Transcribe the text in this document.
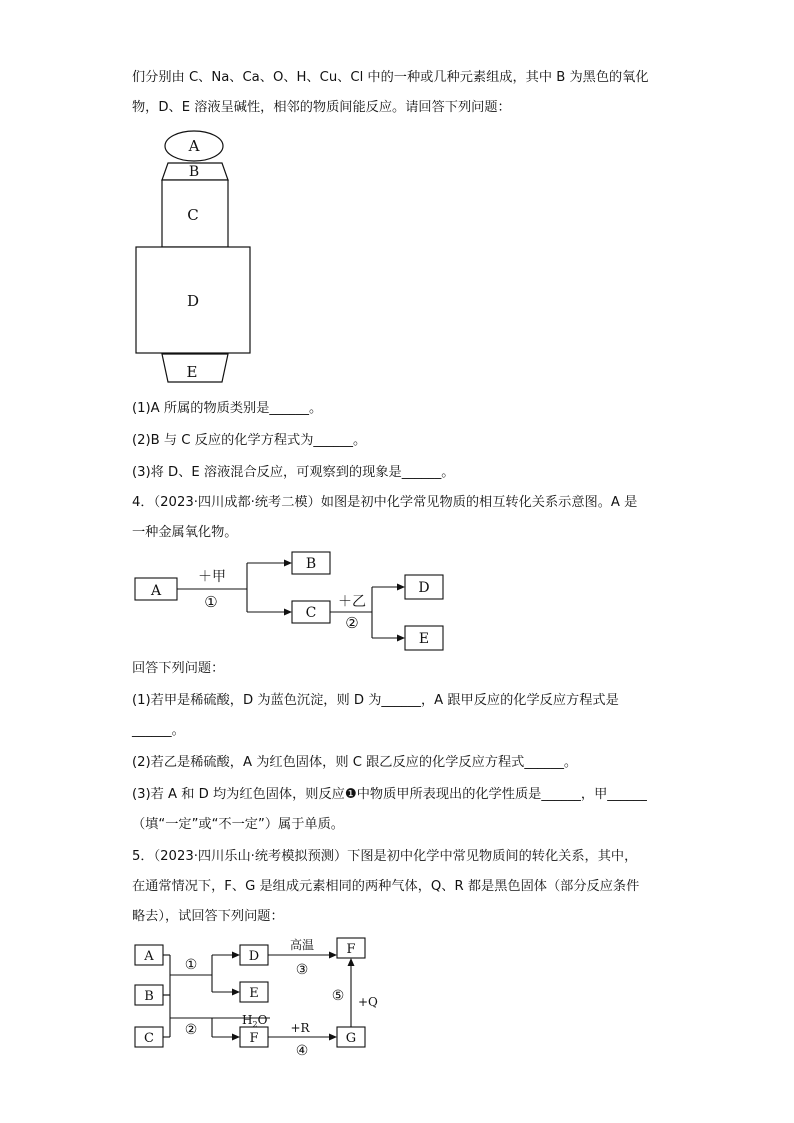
们分别由 C、Na、Ca、O、H、Cu、Cl 中的一种或几种元素组成，其中 B 为黑色的氧化
物，D、E 溶液呈碱性，相邻的物质间能反应。请回答下列问题：
A
B
C
D
E
(1)A 所属的物质类别是______。
(2)B 与 C 反应的化学方程式为______。
(3)将 D、E 溶液混合反应，可观察到的现象是______。
4．（2023·四川成都·统考二模）如图是初中化学常见物质的相互转化关系示意图。A 是
一种金属氧化物。
A
B
C
D
E
＋甲
①	＋乙
②
回答下列问题：
(1)若甲是稀硫酸，D 为蓝色沉淀，则 D 为______，A 跟甲反应的化学反应方程式是
______。
(2)若乙是稀硫酸，A 为红色固体，则 C 跟乙反应的化学反应方程式______。
(3)若 A 和 D 均为红色固体，则反应❶中物质甲所表现出的化学性质是______，甲______
（填“一定”或“不一定”）属于单质。
5．（2023·四川乐山·统考模拟预测）下图是初中化学中常见物质间的转化关系，其中，
在通常情况下，F、G 是组成元素相同的两种气体，Q、R 都是黑色固体（部分反应条件
略去），试回答下列问题：
A
B
C
D
E
F
F
G
①
②
③
④
⑤
高温
$H_2O$
+R
+Q
